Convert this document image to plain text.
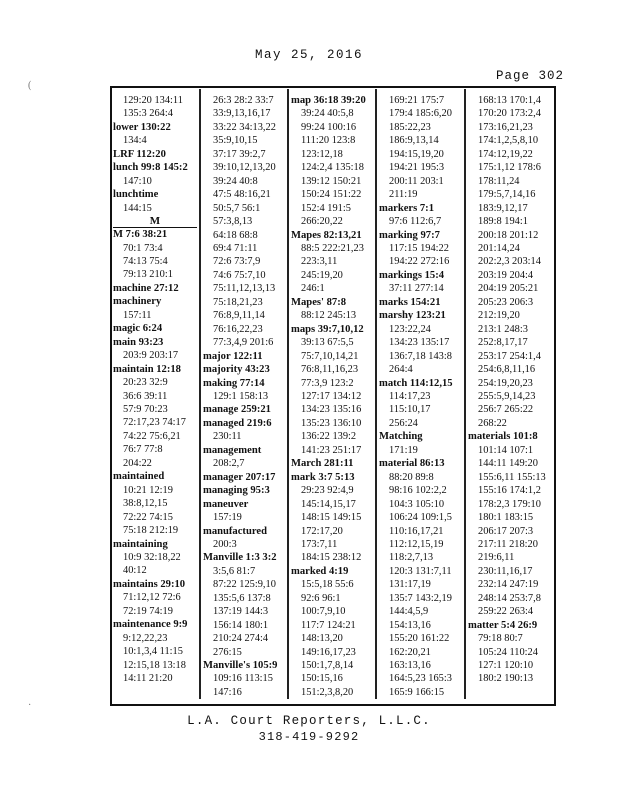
May 25, 2016
Page 302
(
·
129:20 134:11
135:3 264:4
lower 130:22
134:4
LRF 112:20
lunch 99:8 145:2
147:10
lunchtime
144:15
M
M 7:6 38:21
70:1 73:4
74:13 75:4
79:13 210:1
machine 27:12
machinery
157:11
magic 6:24
main 93:23
203:9 203:17
maintain 12:18
20:23 32:9
36:6 39:11
57:9 70:23
72:17,23 74:17
74:22 75:6,21
76:7 77:8
204:22
maintained
10:21 12:19
38:8,12,15
72:22 74:15
75:18 212:19
maintaining
10:9 32:18,22
40:12
maintains 29:10
71:12,12 72:6
72:19 74:19
maintenance 9:9
9:12,22,23
10:1,3,4 11:15
12:15,18 13:18
14:11 21:20
26:3 28:2 33:7
33:9,13,16,17
33:22 34:13,22
35:9,10,15
37:17 39:2,7
39:10,12,13,20
39:24 40:8
47:5 48:16,21
50:5,7 56:1
57:3,8,13
64:18 68:8
69:4 71:11
72:6 73:7,9
74:6 75:7,10
75:11,12,13,13
75:18,21,23
76:8,9,11,14
76:16,22,23
77:3,4,9 201:6
major 122:11
majority 43:23
making 77:14
129:1 158:13
manage 259:21
managed 219:6
230:11
management
208:2,7
manager 207:17
managing 95:3
maneuver
157:19
manufactured
200:3
Manville 1:3 3:2
3:5,6 81:7
87:22 125:9,10
135:5,6 137:8
137:19 144:3
156:14 180:1
210:24 274:4
276:15
Manville's 105:9
109:16 113:15
147:16
map 36:18 39:20
39:24 40:5,8
99:24 100:16
111:20 123:8
123:12,18
124:2,4 135:18
139:12 150:21
150:24 151:22
152:4 191:5
266:20,22
Mapes 82:13,21
88:5 222:21,23
223:3,11
245:19,20
246:1
Mapes' 87:8
88:12 245:13
maps 39:7,10,12
39:13 67:5,5
75:7,10,14,21
76:8,11,16,23
77:3,9 123:2
127:17 134:12
134:23 135:16
135:23 136:10
136:22 139:2
141:23 251:17
March 281:11
mark 3:7 5:13
29:23 92:4,9
145:14,15,17
148:15 149:15
172:17,20
173:7,11
184:15 238:12
marked 4:19
15:5,18 55:6
92:6 96:1
100:7,9,10
117:7 124:21
148:13,20
149:16,17,23
150:1,7,8,14
150:15,16
151:2,3,8,20
169:21 175:7
179:4 185:6,20
185:22,23
186:9,13,14
194:15,19,20
194:21 195:3
200:11 203:1
211:19
markers 7:1
97:6 112:6,7
marking 97:7
117:15 194:22
194:22 272:16
markings 15:4
37:11 277:14
marks 154:21
marshy 123:21
123:22,24
134:23 135:17
136:7,18 143:8
264:4
match 114:12,15
114:17,23
115:10,17
256:24
Matching
171:19
material 86:13
88:20 89:8
98:16 102:2,2
104:3 105:10
106:24 109:1,5
110:16,17,21
112:12,15,19
118:2,7,13
120:3 131:7,11
131:17,19
135:7 143:2,19
144:4,5,9
154:13,16
155:20 161:22
162:20,21
163:13,16
164:5,23 165:3
165:9 166:15
168:13 170:1,4
170:20 173:2,4
173:16,21,23
174:1,2,5,8,10
174:12,19,22
175:1,12 178:6
178:11,24
179:5,7,14,16
183:9,12,17
189:8 194:1
200:18 201:12
201:14,24
202:2,3 203:14
203:19 204:4
204:19 205:21
205:23 206:3
212:19,20
213:1 248:3
252:8,17,17
253:17 254:1,4
254:6,8,11,16
254:19,20,23
255:5,9,14,23
256:7 265:22
268:22
materials 101:8
101:14 107:1
144:11 149:20
155:6,11 155:13
155:16 174:1,2
178:2,3 179:10
180:1 183:15
206:17 207:3
217:11 218:20
219:6,11
230:11,16,17
232:14 247:19
248:14 253:7,8
259:22 263:4
matter 5:4 26:9
79:18 80:7
105:24 110:24
127:1 120:10
180:2 190:13
L.A. Court Reporters, L.L.C.
318-419-9292
